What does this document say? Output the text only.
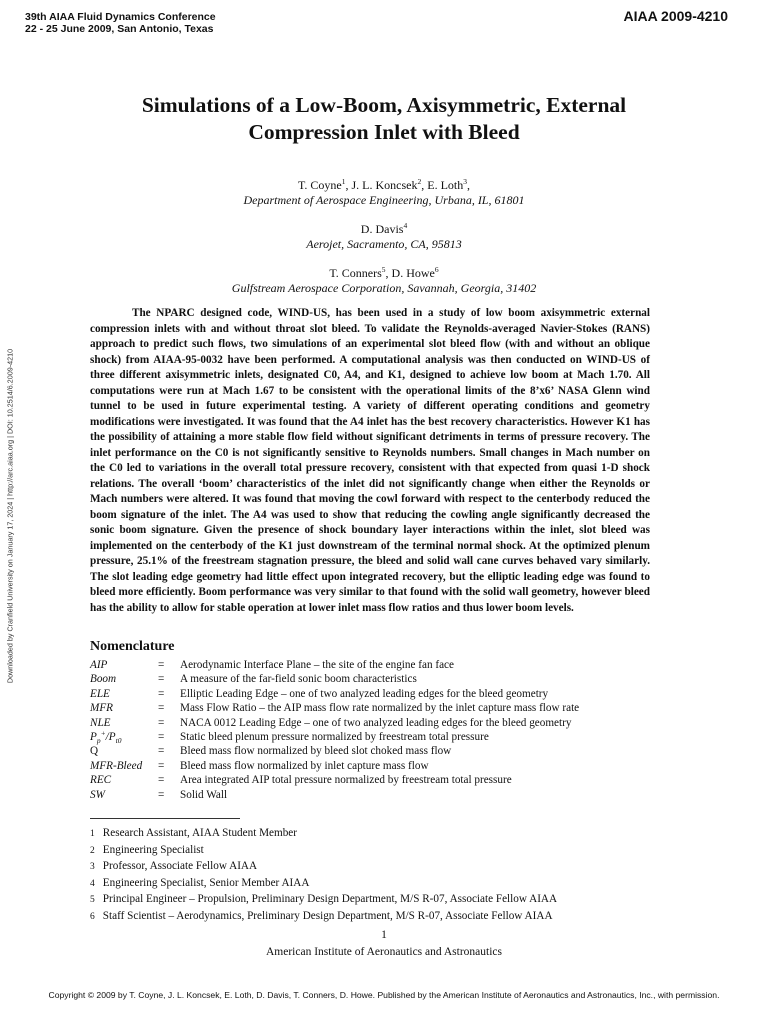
39th AIAA Fluid Dynamics Conference
22 - 25 June 2009, San Antonio, Texas
AIAA 2009-4210
Simulations of a Low-Boom, Axisymmetric, External
Compression Inlet with Bleed
T. Coyne$^1$, J. L. Koncsek$^2$, E. Loth$^3$,
Department of Aerospace Engineering, Urbana, IL, 61801
D. Davis$^4$
Aerojet, Sacramento, CA, 95813
T. Conners$^5$, D. Howe$^6$
Gulfstream Aerospace Corporation, Savannah, Georgia, 31402
Downloaded by Cranfield University on January 17, 2024 | http://arc.aiaa.org | DOI: 10.2514/6.2009-4210

The NPARC designed code, WIND-US, has been used in a study of low boom axisymmetric external compression inlets with and without throat slot bleed. To validate the Reynolds-averaged Navier-Stokes (RANS) approach to predict such flows, two simulations of an experimental slot bleed flow (with and without an oblique shock) from AIAA-95-0032 have been performed. A computational analysis was then conducted on WIND-US of three different axisymmetric inlets, designated C0, A4, and K1, designed to achieve low boom at Mach 1.70. All computations were run at Mach 1.67 to be consistent with the operational limits of the 8’x6’ NASA Glenn wind tunnel to be used in future experimental testing. A variety of different operating conditions and geometry modifications were investigated. It was found that the A4 inlet has the best recovery characteristics. However K1 has the possibility of attaining a more stable flow field without significant detriments in terms of pressure recovery. The inlet performance on the C0 is not significantly sensitive to Reynolds numbers. Small changes in Mach number on the C0 led to variations in the overall total pressure recovery, consistent with that expected from quasi 1-D shock relations. The overall ‘boom’ characteristics of the inlet did not significantly change when either the Reynolds or Mach numbers were altered. It was found that moving the cowl forward with respect to the centerbody reduced the boom signature of the inlet. The A4 was used to show that reducing the cowling angle significantly decreased the sonic boom signature. Given the presence of shock boundary layer interactions within the inlet, slot bleed was implemented on the centerbody of the K1 just downstream of the terminal normal shock. At the optimized plenum pressure, 25.1% of the freestream stagnation pressure, the bleed and solid wall cane curves behaved vary similarly. The slot leading edge geometry had little effect upon integrated recovery, but the elliptic leading edge was found to bleed more efficiently. Boom performance was very similar to that found with the solid wall geometry, however bleed has the ability to allow for stable operation at lower inlet mass flow ratios and thus lower boom levels.

Nomenclature
AIP	=	Aerodynamic Interface Plane – the site of the engine fan face
Boom	=	A measure of the far-field sonic boom characteristics
ELE	=	Elliptic Leading Edge – one of two analyzed leading edges for the bleed geometry
MFR	=	Mass Flow Ratio – the AIP mass flow rate normalized by the inlet capture mass flow rate
NLE	=	NACA 0012 Leading Edge – one of two analyzed leading edges for the bleed geometry
$P_p^+/P_{t0}$	=	Static bleed plenum pressure normalized by freestream total pressure
Q	=	Bleed mass flow normalized by bleed slot choked mass flow
MFR-Bleed	=	Bleed mass flow normalized by inlet capture mass flow
REC	=	Area integrated AIP total pressure normalized by freestream total pressure
SW	=	Solid Wall
1 Research Assistant, AIAA Student Member
2 Engineering Specialist
3 Professor, Associate Fellow AIAA
4 Engineering Specialist, Senior Member AIAA
5 Principal Engineer – Propulsion, Preliminary Design Department, M/S R-07, Associate Fellow AIAA
6 Staff Scientist – Aerodynamics, Preliminary Design Department, M/S R-07, Associate Fellow AIAA
1
American Institute of Aeronautics and Astronautics
Copyright © 2009 by T. Coyne, J. L. Koncsek, E. Loth, D. Davis, T. Conners, D. Howe. Published by the American Institute of Aeronautics and Astronautics, Inc., with permission.
